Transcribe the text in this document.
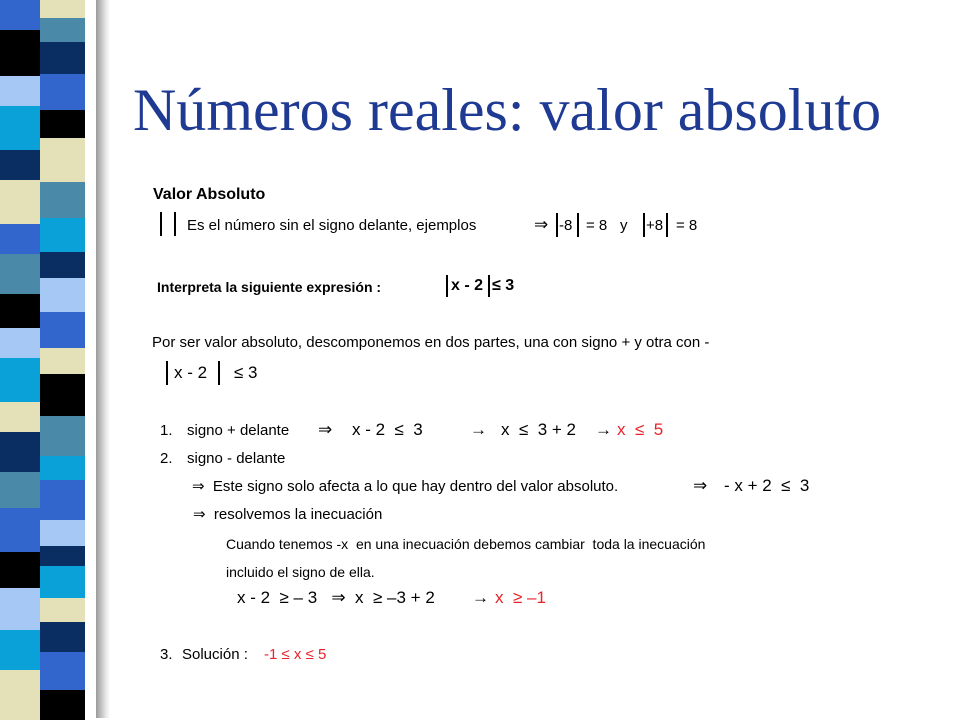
Números reales: valor absoluto
Valor Absoluto
Es el número sin el signo delante, ejemplos	⇒ -8 = 8 y +8 = 8
Interpreta la siguiente expresión :	x - 2 ≤ 3
Por ser valor absoluto, descomponemos en dos partes, una con signo + y otra con -
x - 2 ≤ 3
1. signo + delante ⇒ x - 2  ≤  3	→ x  ≤  3 + 2 → x  ≤  5
2. signo - delante
⇒  Este signo solo afecta a lo que hay dentro del valor absoluto.	⇒ - x + 2  ≤  3
⇒  resolvemos la inecuación
Cuando tenemos -x  en una inecuación debemos cambiar  toda la inecuación
incluido el signo de ella.
x - 2  ≥ – 3   ⇒  x  ≥ –3 + 2 → x  ≥ –1
3. Solución : -1 ≤ x ≤ 5
